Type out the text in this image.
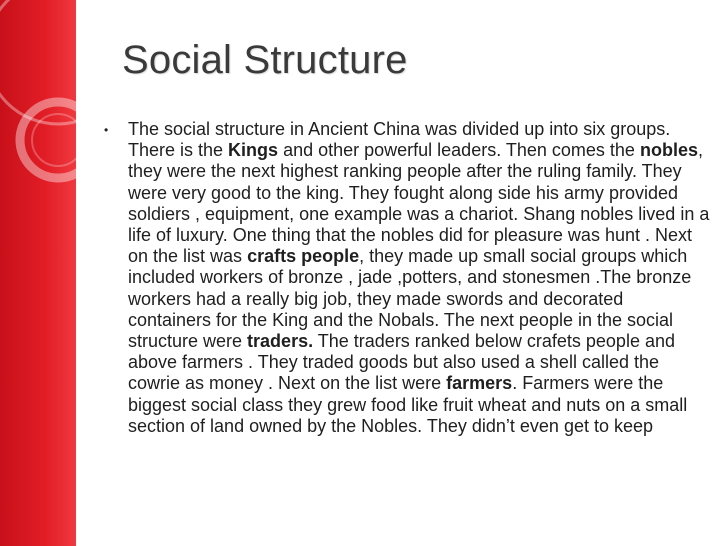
Social Structure
• The social structure in Ancient China was divided up into six groups. There is the Kings and other powerful leaders. Then comes the nobles, they were the next highest ranking people after the ruling family. They were very good to the king. They fought along side his army provided soldiers , equipment, one example was a chariot. Shang nobles lived in a life of luxury. One thing that the nobles did for pleasure was hunt . Next on the list was crafts people, they made up small social groups which included workers of bronze , jade ,potters, and stonesmen .The bronze workers had a really big job, they made swords and decorated containers for the King and the Nobals. The next people in the social structure were traders. The traders ranked below crafets people and above farmers . They traded goods but also used a shell called the cowrie as money . Next on the list were farmers. Farmers were the biggest social class they grew food like fruit wheat and nuts on a small section of land owned by the Nobles. They didn’t even get to keep
